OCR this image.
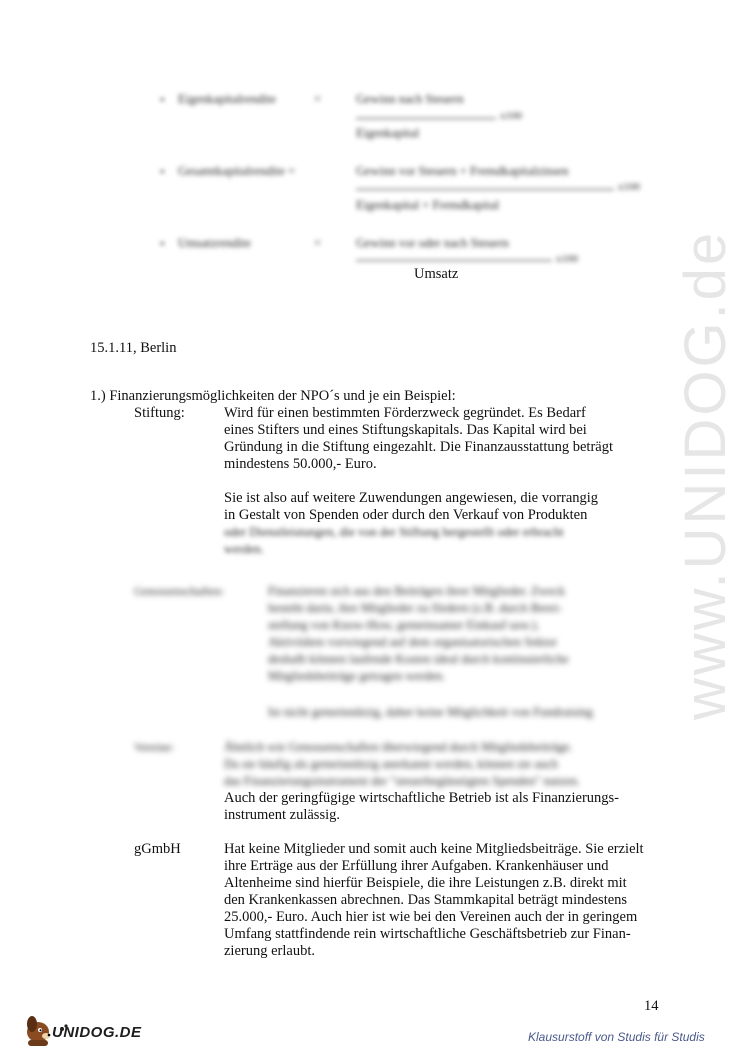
• Eigenkapitalrendite	=	Gewinn nach Steuern
x100
Eigenkapital
• Gesamtkapitalrendite =	Gewinn vor Steuern + Fremdkapitalzinsen
x100
Eigenkapital + Fremdkapital
• Umsatzrendite	=	Gewinn vor oder nach Steuern
x100
Umsatz
15.1.11, Berlin
1.) Finanzierungsmöglichkeiten der NPO´s und je ein Beispiel:
Stiftung:	Wird für einen bestimmten Förderzweck gegründet. Es Bedarf
eines Stifters und eines Stiftungskapitals. Das Kapital wird bei
Gründung in die Stiftung eingezahlt. Die Finanzausstattung beträgt
mindestens 50.000,- Euro.
Sie ist also auf weitere Zuwendungen angewiesen, die vorrangig
in Gestalt von Spenden oder durch den Verkauf von Produkten
oder Dienstleistungen, die von der Stiftung hergestellt oder erbracht
werden.
Genossenschaften:	Finanzieren sich aus den Beiträgen ihrer Mitglieder. Zweck
besteht darin, ihre Mitglieder zu fördern (z.B. durch Berei-
stellung von Know-How, gemeinsamer Einkauf usw.).
Aktivitäten vorwiegend auf dem organisatorischen Sektor
deshalb können laufende Kosten ideal durch kontinuierliche
Mitgliedsbeiträge getragen werden.
Ist nicht gemeinnützig, daher keine Möglichkeit von Fundraising
Vereine:	Ähnlich wie Genossenschaften überwiegend durch Mitgliedsbeiträge.
Da sie häufig als gemeinnützig anerkannt werden, können sie auch
das Finanzierungsinstrument der "steuerbegünstigten Spenden" nutzen.
Auch der geringfügige wirtschaftliche Betrieb ist als Finanzierungs-
instrument zulässig.
gGmbH	Hat keine Mitglieder und somit auch keine Mitgliedsbeiträge. Sie erzielt
ihre Erträge aus der Erfüllung ihrer Aufgaben. Krankenhäuser und
Altenheime sind hierfür Beispiele, die ihre Leistungen z.B. direkt mit
den Krankenkassen abrechnen. Das Stammkapital beträgt mindestens
25.000,- Euro. Auch hier ist wie bei den Vereinen auch der in geringem
Umfang stattfindende rein wirtschaftliche Geschäftsbetrieb zur Finan-
zierung erlaubt.
14
www.UNIDOG.de
UNIDOG.DE	Klausurstoff von Studis für Studis
